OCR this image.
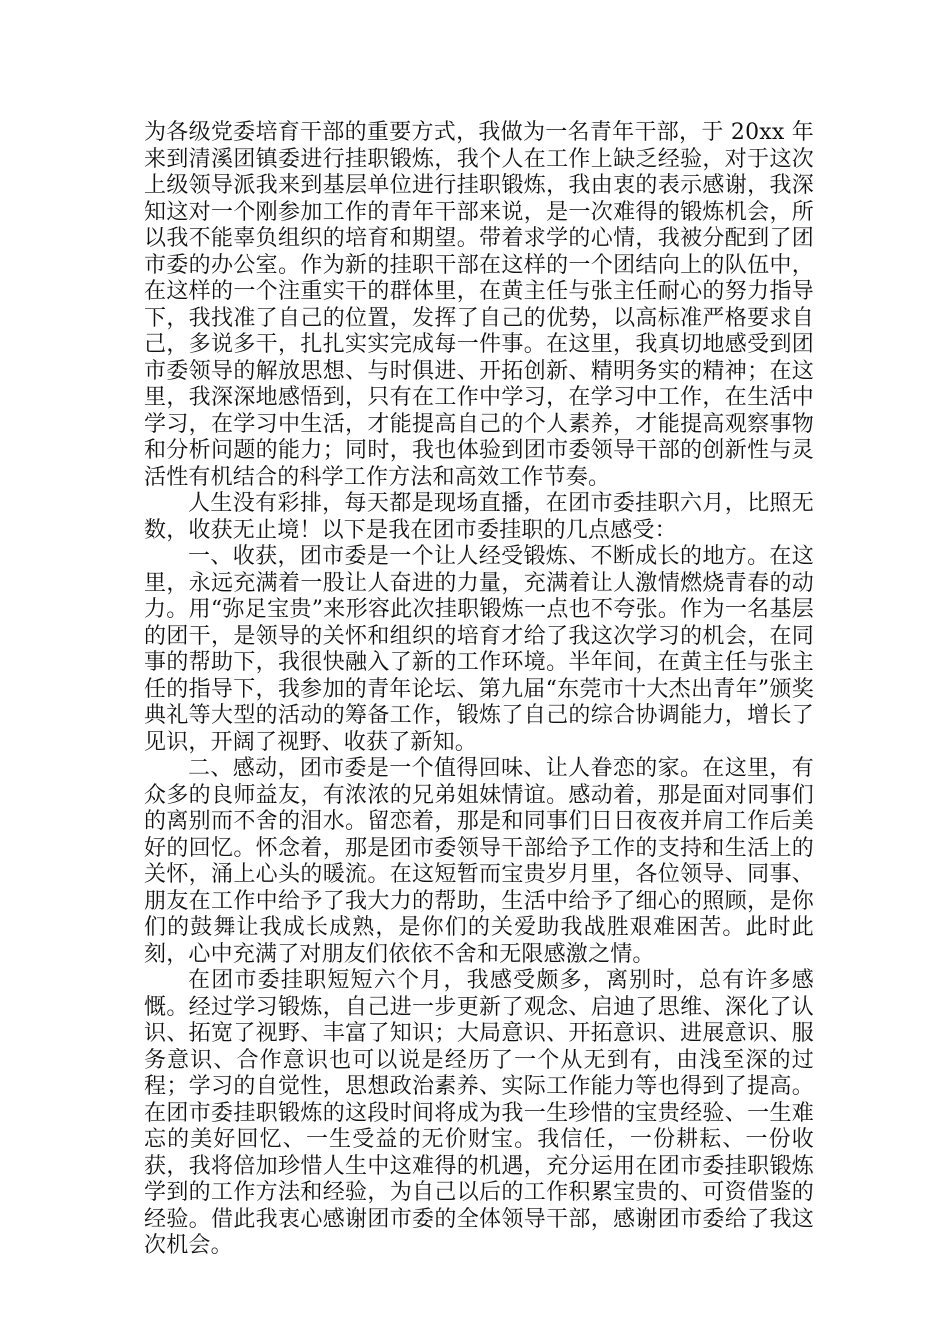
为各级党委培育干部的重要方式，我做为一名青年干部，于 20xx 年来到清溪团镇委进行挂职锻炼，我个人在工作上缺乏经验，对于这次上级领导派我来到基层单位进行挂职锻炼，我由衷的表示感谢，我深知这对一个刚参加工作的青年干部来说，是一次难得的锻炼机会，所以我不能辜负组织的培育和期望。带着求学的心情，我被分配到了团市委的办公室。作为新的挂职干部在这样的一个团结向上的队伍中，在这样的一个注重实干的群体里，在黄主任与张主任耐心的努力指导下，我找准了自己的位置，发挥了自己的优势，以高标准严格要求自己，多说多干，扎扎实实完成每一件事。在这里，我真切地感受到团市委领导的解放思想、与时俱进、开拓创新、精明务实的精神；在这里，我深深地感悟到，只有在工作中学习，在学习中工作，在生活中学习，在学习中生活，才能提高自己的个人素养，才能提高观察事物和分析问题的能力；同时，我也体验到团市委领导干部的创新性与灵活性有机结合的科学工作方法和高效工作节奏。

人生没有彩排，每天都是现场直播，在团市委挂职六月，比照无数，收获无止境！以下是我在团市委挂职的几点感受：

一、收获，团市委是一个让人经受锻炼、不断成长的地方。在这里，永远充满着一股让人奋进的力量，充满着让人激情燃烧青春的动力。用“弥足宝贵”来形容此次挂职锻炼一点也不夸张。作为一名基层的团干，是领导的关怀和组织的培育才给了我这次学习的机会，在同事的帮助下，我很快融入了新的工作环境。半年间，在黄主任与张主任的指导下，我参加的青年论坛、第九届“东莞市十大杰出青年”颁奖典礼等大型的活动的筹备工作，锻炼了自己的综合协调能力，增长了见识，开阔了视野、收获了新知。

二、感动，团市委是一个值得回味、让人眷恋的家。在这里，有众多的良师益友，有浓浓的兄弟姐妹情谊。感动着，那是面对同事们的离别而不舍的泪水。留恋着，那是和同事们日日夜夜并肩工作后美好的回忆。怀念着，那是团市委领导干部给予工作的支持和生活上的关怀，涌上心头的暖流。在这短暂而宝贵岁月里，各位领导、同事、朋友在工作中给予了我大力的帮助，生活中给予了细心的照顾，是你们的鼓舞让我成长成熟，是你们的关爱助我战胜艰难困苦。此时此刻，心中充满了对朋友们依依不舍和无限感激之情。

在团市委挂职短短六个月，我感受颇多，离别时，总有许多感慨。经过学习锻炼，自己进一步更新了观念、启迪了思维、深化了认识、拓宽了视野、丰富了知识；大局意识、开拓意识、进展意识、服务意识、合作意识也可以说是经历了一个从无到有，由浅至深的过程；学习的自觉性，思想政治素养、实际工作能力等也得到了提高。在团市委挂职锻炼的这段时间将成为我一生珍惜的宝贵经验、一生难忘的美好回忆、一生受益的无价财宝。我信任，一份耕耘、一份收获，我将倍加珍惜人生中这难得的机遇，充分运用在团市委挂职锻炼学到的工作方法和经验，为自己以后的工作积累宝贵的、可资借鉴的经验。借此我衷心感谢团市委的全体领导干部，感谢团市委给了我这次机会。
